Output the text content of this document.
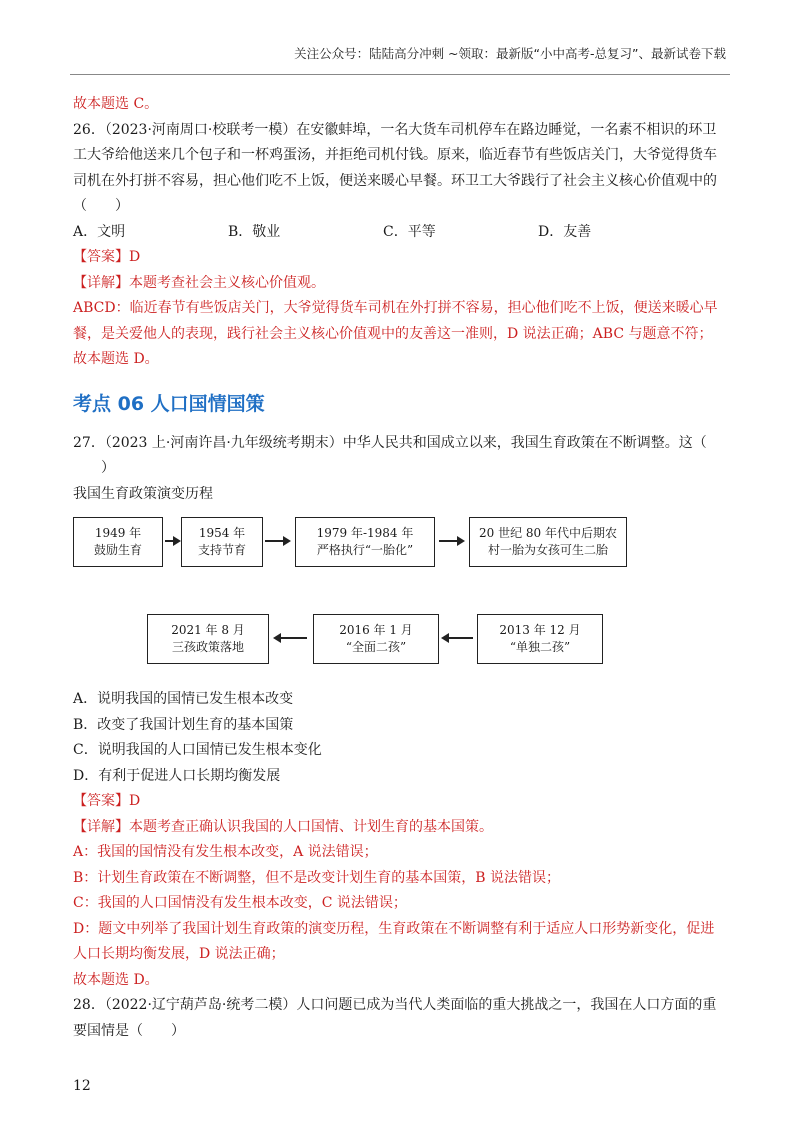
关注公众号：陆陆高分冲刺 ~领取：最新版“小中高考-总复习”、最新试卷下载

故本题选 C。

26．（2023·河南周口·校联考一模）在安徽蚌埠，一名大货车司机停车在路边睡觉，一名素不相识的环卫

工大爷给他送来几个包子和一杯鸡蛋汤，并拒绝司机付钱。原来，临近春节有些饭店关门，大爷觉得货车

司机在外打拼不容易，担心他们吃不上饭，便送来暖心早餐。环卫工大爷践行了社会主义核心价值观中的

（　　）

A．文明	B．敬业	C．平等	D．友善

【答案】D

【详解】本题考查社会主义核心价值观。

ABCD：临近春节有些饭店关门，大爷觉得货车司机在外打拼不容易，担心他们吃不上饭，便送来暖心早

餐，是关爱他人的表现，践行社会主义核心价值观中的友善这一准则，D 说法正确；ABC 与题意不符；

故本题选 D。

考点 06 人口国情国策

27．（2023 上·河南许昌·九年级统考期末）中华人民共和国成立以来，我国生育政策在不断调整。这（

　　）

我国生育政策演变历程

1949 年
鼓励生育
1954 年
支持节育
1979 年-1984 年
严格执行“一胎化”
20 世纪 80 年代中后期农
村一胎为女孩可生二胎
2021 年 8 月
三孩政策落地
2016 年 1 月
“全面二孩”
2013 年 12 月
“单独二孩”

A．说明我国的国情已发生根本改变

B．改变了我国计划生育的基本国策

C．说明我国的人口国情已发生根本变化

D．有利于促进人口长期均衡发展

【答案】D

【详解】本题考查正确认识我国的人口国情、计划生育的基本国策。

A：我国的国情没有发生根本改变，A 说法错误；

B：计划生育政策在不断调整，但不是改变计划生育的基本国策，B 说法错误；

C：我国的人口国情没有发生根本改变，C 说法错误；

D：题文中列举了我国计划生育政策的演变历程，生育政策在不断调整有利于适应人口形势新变化，促进

人口长期均衡发展，D 说法正确；

故本题选 D。

28．（2022·辽宁葫芦岛·统考二模）人口问题已成为当代人类面临的重大挑战之一，我国在人口方面的重

要国情是（　　）

12
